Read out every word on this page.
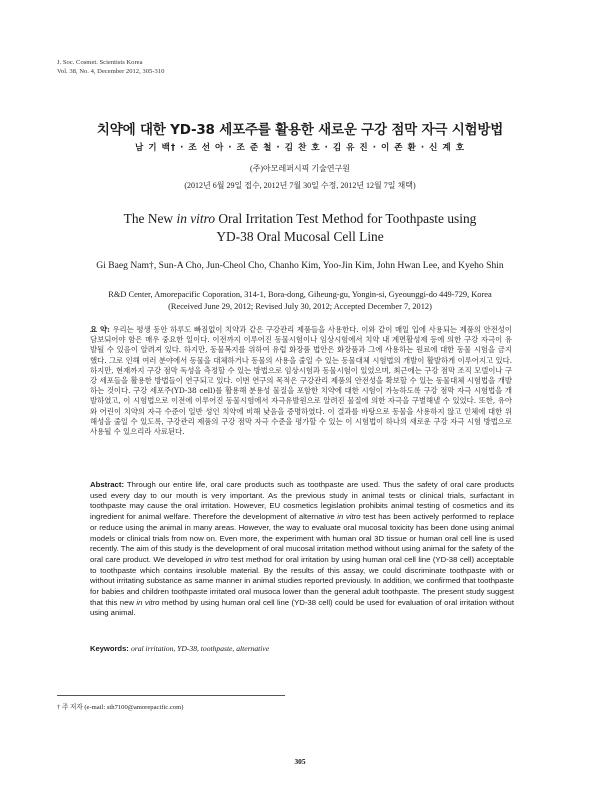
J. Soc. Cosmet. Scientists Korea
Vol. 38, No. 4, December 2012, 305-310
치약에 대한 YD-38 세포주를 활용한 새로운 구강 점막 자극 시험방법
남 기 백† · 조 선 아 · 조 준 철 · 김 찬 호 · 김 유 진 · 이 존 환 · 신 계 호
(주)아모레퍼시픽 기술연구원
(2012년 6월 29일 접수, 2012년 7월 30일 수정, 2012년 12월 7일 채택)
The New in vitro Oral Irritation Test Method for Toothpaste using
YD-38 Oral Mucosal Cell Line
Gi Baeg Nam†, Sun-A Cho, Jun-Cheol Cho, Chanho Kim, Yoo-Jin Kim, John Hwan Lee, and Kyeho Shin
R&D Center, Amorepacific Coporation, 314-1, Bora-dong, Giheung-gu, Yongin-si, Gyeounggi-do 449-729, Korea
(Received June 29, 2012; Revised July 30, 2012; Accepted December 7, 2012)
요 약: 우리는 평생 동안 하루도 빠짐없이 치약과 같은 구강관리 제품들을 사용한다. 이와 같이 매일 입에 사용되는 제품의 안전성이 담보되어야 함은 매우 중요한 일이다. 이전까지 이루어진 동물시험이나 임상시험에서 치약 내 계면활성제 등에 의한 구강 자극이 유발될 수 있음이 알려져 있다. 하지만, 동물복지를 위하여 유럽 화장품 법안은 화장품과 그에 사용하는 원료에 대한 동물 시험을 금지했다. 그로 인해 여러 분야에서 동물을 대체하거나 동물의 사용을 줄일 수 있는 동물대체 시험법의 개발이 활발하게 이루어지고 있다. 하지만, 현재까지 구강 점막 독성을 측정할 수 있는 방법으로 임상시험과 동물시험이 있었으며, 최근에는 구강 점막 조직 모델이나 구강 세포들을 활용한 방법들이 연구되고 있다. 이번 연구의 목적은 구강관리 제품의 안전성을 확보할 수 있는 동물대체 시험법을 개발하는 것이다. 구강 세포주(YD-38 cell)를 활용해 분용성 물질을 포함한 치약에 대한 시험이 가능하도록 구강 점막 자극 시험법을 개발하였고, 이 시험법으로 이전에 이루어진 동물시험에서 자극유발원으로 알려진 물질에 의한 자극을 구별해낼 수 있었다. 또한, 유아와 어린이 치약의 자극 수준이 일반 성인 치약에 비해 낮음을 증명하였다. 이 결과를 바탕으로 동물을 사용하지 않고 인체에 대한 위해성을 줄일 수 있도록, 구강관리 제품의 구강 점막 자극 수준을 평가할 수 있는 이 시험법이 하나의 새로운 구강 자극 시험 방법으로 사용될 수 있으리라 사료된다.
Abstract: Through our entire life, oral care products such as toothpaste are used. Thus the safety of oral care products used every day to our mouth is very important. As the previous study in animal tests or clinical trials, surfactant in toothpaste may cause the oral irritation. However, EU cosmetics legislation prohibits animal testing of cosmetics and its ingredient for animal welfare. Therefore the development of alternative in vitro test has been actively performed to replace or reduce using the animal in many areas. However, the way to evaluate oral mucosal toxicity has been done using animal models or clinical trials from now on. Even more, the experiment with human oral 3D tissue or human oral cell line is used recently. The aim of this study is the development of oral mucosal irritation method without using animal for the safety of the oral care product. We developed in vitro test method for oral irritation by using human oral cell line (YD-38 cell) acceptable to toothpaste which contains insoluble material. By the results of this assay, we could discriminate toothpaste with or without irritating substance as same manner in animal studies reported previously. In addition, we confirmed that toothpaste for babies and children toothpaste irritated oral musoca lower than the general adult toothpaste. The present study suggest that this new in vitro method by using human oral cell line (YD-38 cell) could be used for evaluation of oral irritation without using animal.
Keywords: oral irritation, YD-38, toothpaste, alternative
† 주 저자 (e-mail: sth7100@amorepacific.com)
305
